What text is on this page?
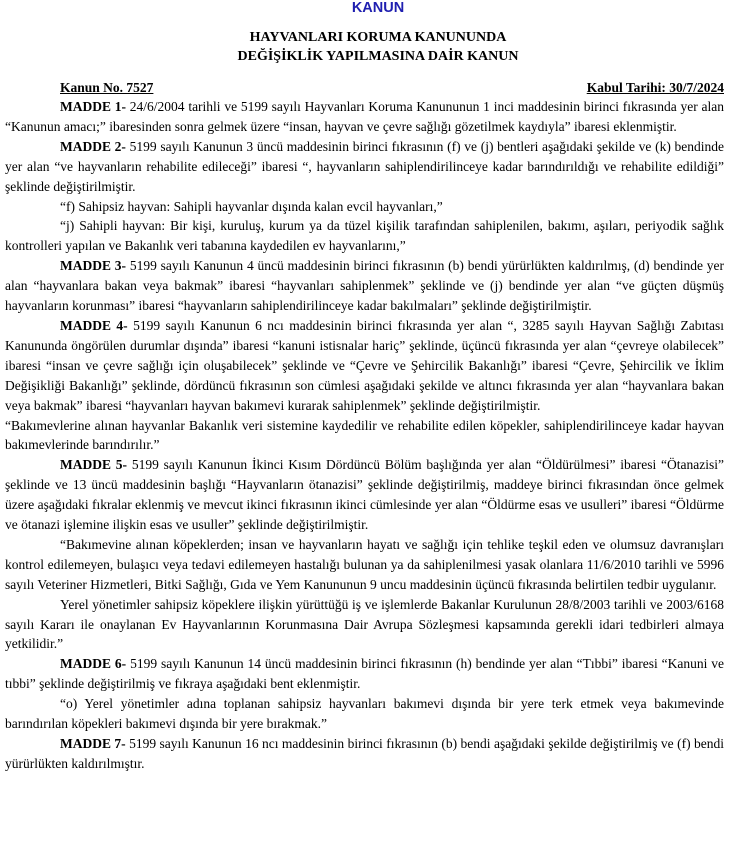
KANUN
HAYVANLARI KORUMA KANUNUNDA
DEĞİŞİKLİK YAPILMASINA DAİR KANUN
Kanun No. 7527	Kabul Tarihi: 30/7/2024

MADDE 1- 24/6/2004 tarihli ve 5199 sayılı Hayvanları Koruma Kanununun 1 inci maddesinin birinci fıkrasında yer alan “Kanunun amacı;” ibaresinden sonra gelmek üzere “insan, hayvan ve çevre sağlığı gözetilmek kaydıyla” ibaresi eklenmiştir.

MADDE 2- 5199 sayılı Kanunun 3 üncü maddesinin birinci fıkrasının (f) ve (j) bentleri aşağıdaki şekilde ve (k) bendinde yer alan “ve hayvanların rehabilite edileceği” ibaresi “, hayvanların sahiplendirilinceye kadar barındırıldığı ve rehabilite edildiği” şeklinde değiştirilmiştir.

“f) Sahipsiz hayvan: Sahipli hayvanlar dışında kalan evcil hayvanları,”

“j) Sahipli hayvan: Bir kişi, kuruluş, kurum ya da tüzel kişilik tarafından sahiplenilen, bakımı, aşıları, periyodik sağlık kontrolleri yapılan ve Bakanlık veri tabanına kaydedilen ev hayvanlarını,”

MADDE 3- 5199 sayılı Kanunun 4 üncü maddesinin birinci fıkrasının (b) bendi yürürlükten kaldırılmış, (d) bendinde yer alan “hayvanlara bakan veya bakmak” ibaresi “hayvanları sahiplenmek” şeklinde ve (j) bendinde yer alan “ve güçten düşmüş hayvanların korunması” ibaresi “hayvanların sahiplendirilinceye kadar bakılmaları” şeklinde değiştirilmiştir.

MADDE 4- 5199 sayılı Kanunun 6 ncı maddesinin birinci fıkrasında yer alan “, 3285 sayılı Hayvan Sağlığı Zabıtası Kanununda öngörülen durumlar dışında” ibaresi “kanuni istisnalar hariç” şeklinde, üçüncü fıkrasında yer alan “çevreye olabilecek” ibaresi “insan ve çevre sağlığı için oluşabilecek” şeklinde ve “Çevre ve Şehircilik Bakanlığı” ibaresi “Çevre, Şehircilik ve İklim Değişikliği Bakanlığı” şeklinde, dördüncü fıkrasının son cümlesi aşağıdaki şekilde ve altıncı fıkrasında yer alan “hayvanlara bakan veya bakmak” ibaresi “hayvanları hayvan bakımevi kurarak sahiplenmek” şeklinde değiştirilmiştir.

“Bakımevlerine alınan hayvanlar Bakanlık veri sistemine kaydedilir ve rehabilite edilen köpekler, sahiplendirilinceye kadar hayvan bakımevlerinde barındırılır.”

MADDE 5- 5199 sayılı Kanunun İkinci Kısım Dördüncü Bölüm başlığında yer alan “Öldürülmesi” ibaresi “Ötanazisi” şeklinde ve 13 üncü maddesinin başlığı “Hayvanların ötanazisi” şeklinde değiştirilmiş, maddeye birinci fıkrasından önce gelmek üzere aşağıdaki fıkralar eklenmiş ve mevcut ikinci fıkrasının ikinci cümlesinde yer alan “Öldürme esas ve usulleri” ibaresi “Öldürme ve ötanazi işlemine ilişkin esas ve usuller” şeklinde değiştirilmiştir.

“Bakımevine alınan köpeklerden; insan ve hayvanların hayatı ve sağlığı için tehlike teşkil eden ve olumsuz davranışları kontrol edilemeyen, bulaşıcı veya tedavi edilemeyen hastalığı bulunan ya da sahiplenilmesi yasak olanlara 11/6/2010 tarihli ve 5996 sayılı Veteriner Hizmetleri, Bitki Sağlığı, Gıda ve Yem Kanununun 9 uncu maddesinin üçüncü fıkrasında belirtilen tedbir uygulanır.

Yerel yönetimler sahipsiz köpeklere ilişkin yürüttüğü iş ve işlemlerde Bakanlar Kurulunun 28/8/2003 tarihli ve 2003/6168 sayılı Kararı ile onaylanan Ev Hayvanlarının Korunmasına Dair Avrupa Sözleşmesi kapsamında gerekli idari tedbirleri almaya yetkilidir.”

MADDE 6- 5199 sayılı Kanunun 14 üncü maddesinin birinci fıkrasının (h) bendinde yer alan “Tıbbi” ibaresi “Kanuni ve tıbbi” şeklinde değiştirilmiş ve fıkraya aşağıdaki bent eklenmiştir.

“o) Yerel yönetimler adına toplanan sahipsiz hayvanları bakımevi dışında bir yere terk etmek veya bakımevinde barındırılan köpekleri bakımevi dışında bir yere bırakmak.”

MADDE 7- 5199 sayılı Kanunun 16 ncı maddesinin birinci fıkrasının (b) bendi aşağıdaki şekilde değiştirilmiş ve (f) bendi yürürlükten kaldırılmıştır.
